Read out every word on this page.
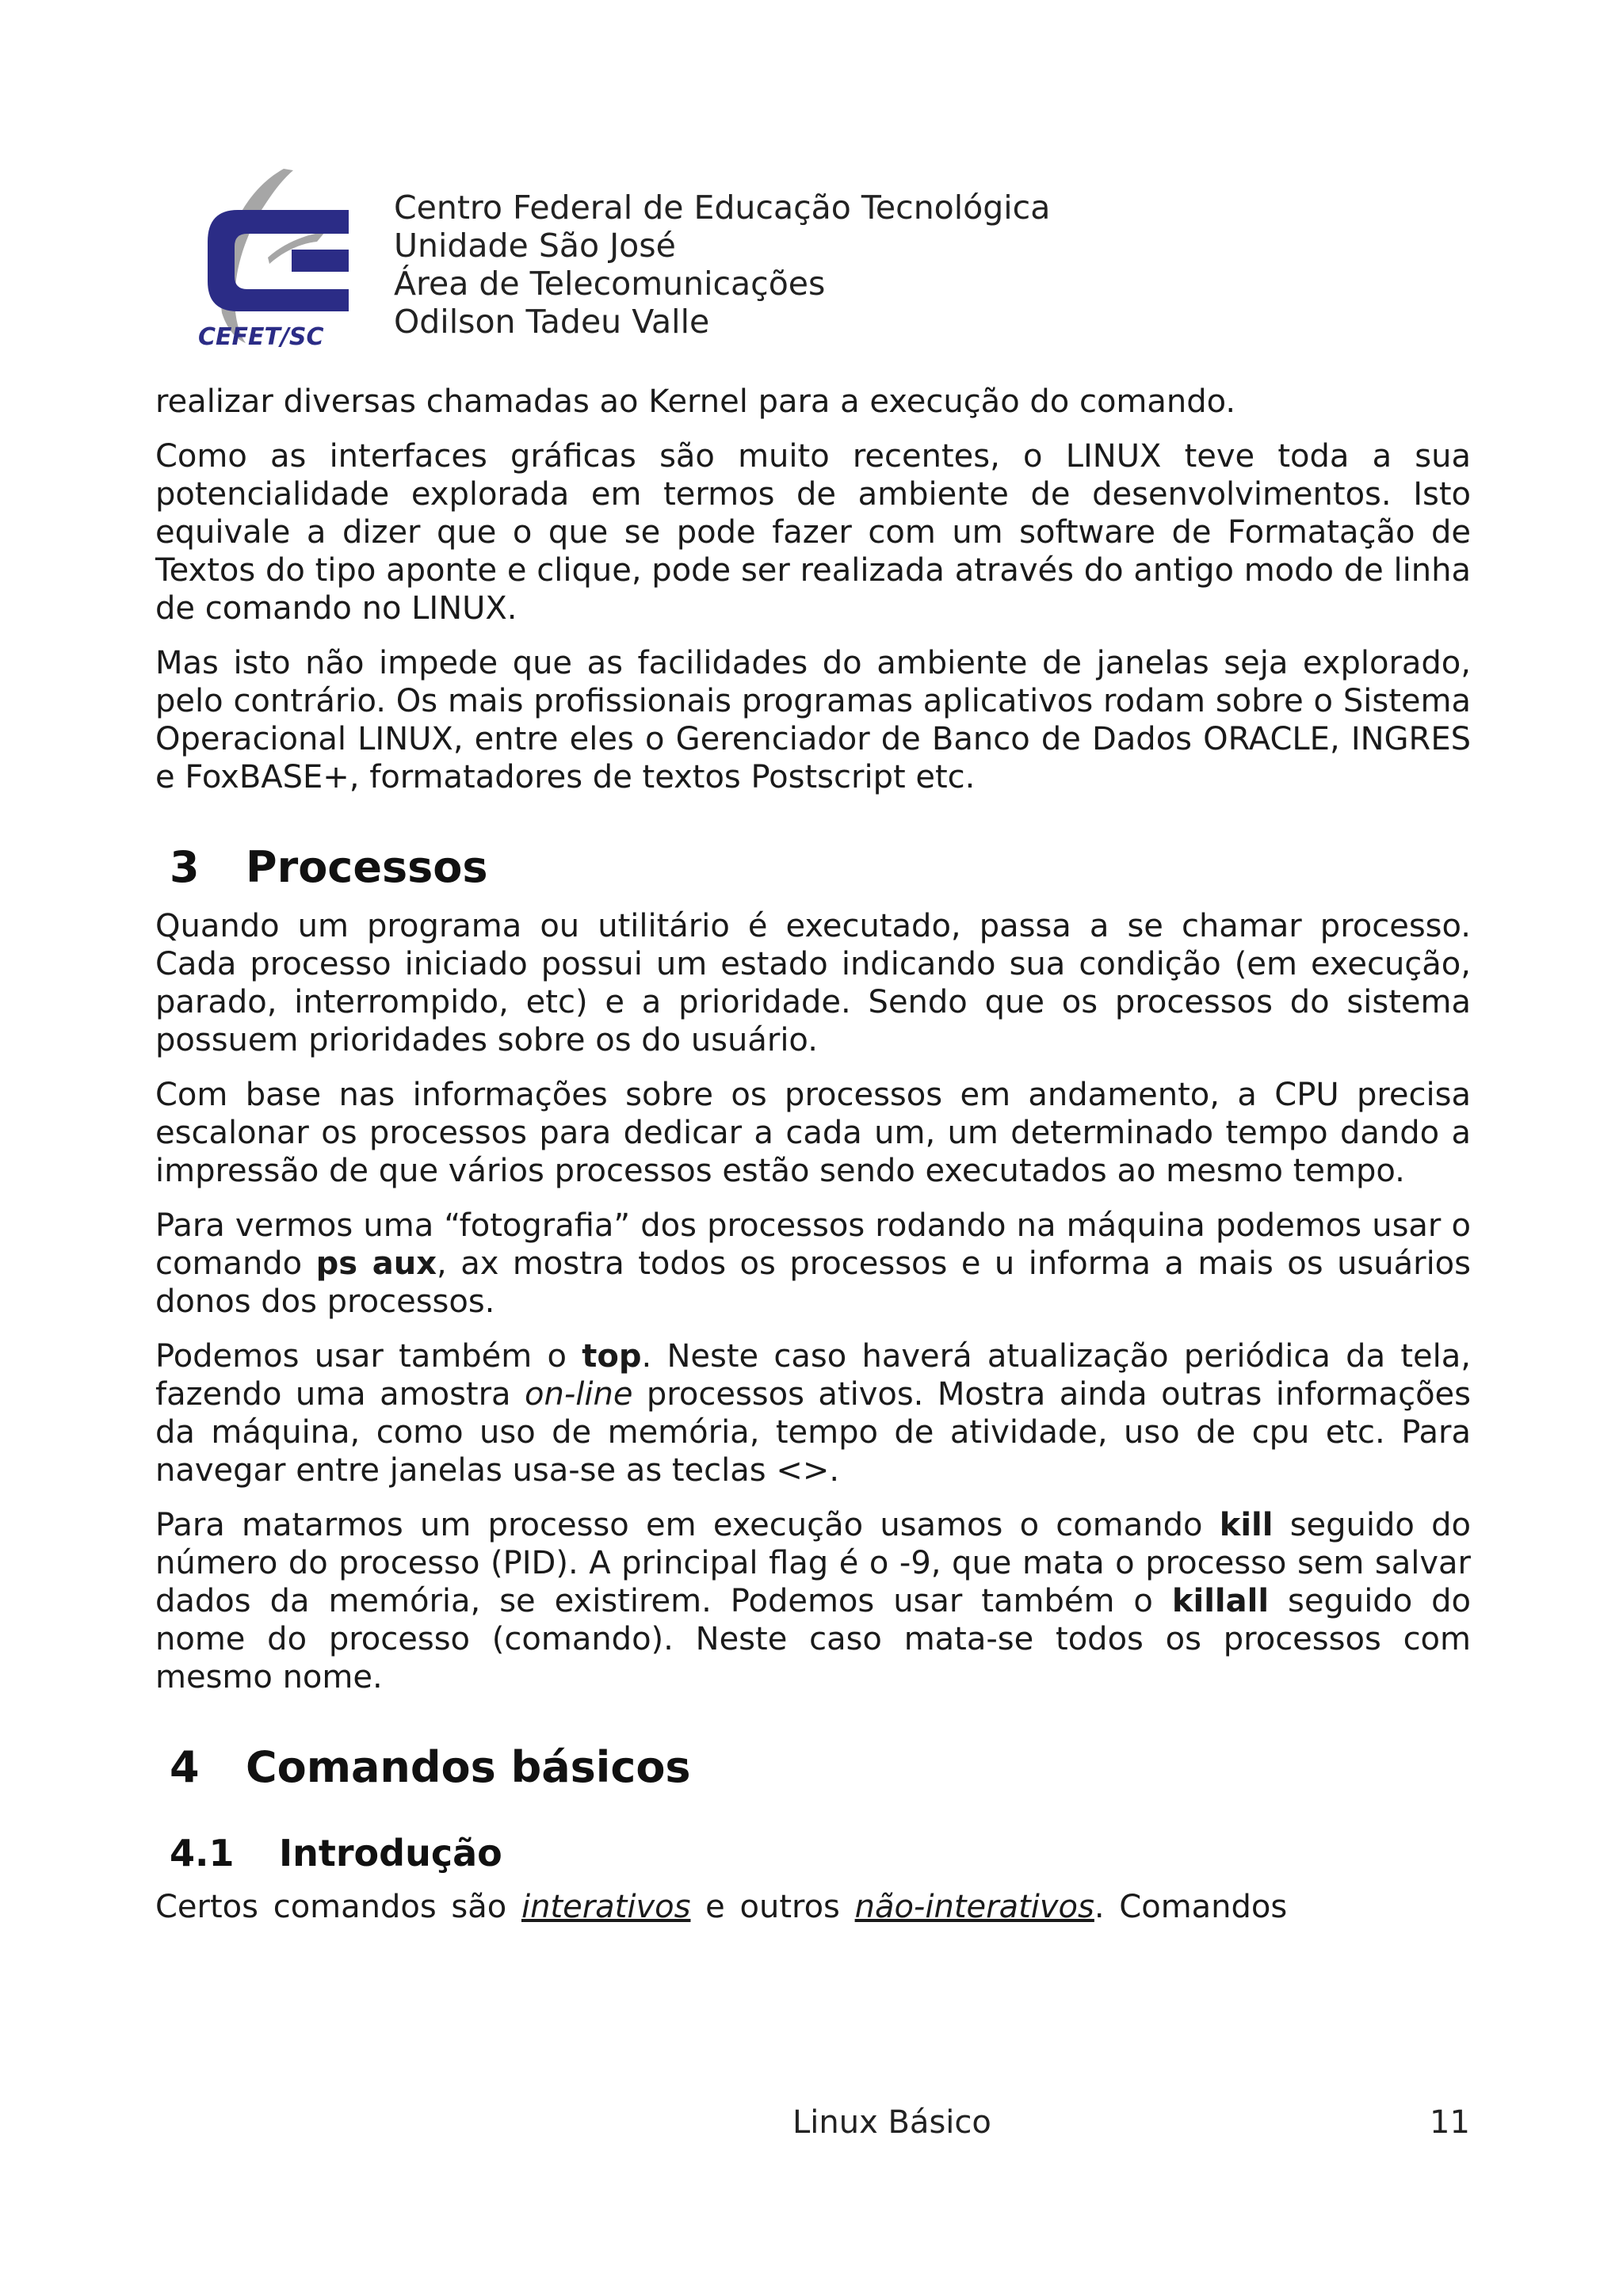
CEFET/SC
Centro Federal de Educação Tecnológica
Unidade São José
Área de Telecomunicações
Odilson Tadeu Valle

realizar diversas chamadas ao Kernel para a execução do comando.

Como as interfaces gráficas são muito recentes, o LINUX teve toda a sua potencialidade explorada em termos de ambiente de desenvolvimentos. Isto equivale a dizer que o que se pode fazer com um software de Formatação de Textos do tipo aponte e clique, pode ser realizada através do antigo modo de linha de comando no LINUX.

Mas isto não impede que as facilidades do ambiente de janelas seja explorado, pelo contrário. Os mais profissionais programas aplicativos rodam sobre o Sistema Operacional LINUX, entre eles o Gerenciador de Banco de Dados ORACLE, INGRES e FoxBASE+, formatadores de textos Postscript etc.

3 Processos

Quando um programa ou utilitário é executado, passa a se chamar processo. Cada processo iniciado possui um estado indicando sua condição (em execução, parado, interrompido, etc) e a prioridade. Sendo que os processos do sistema possuem prioridades sobre os do usuário.

Com base nas informações sobre os processos em andamento, a CPU precisa escalonar os processos para dedicar a cada um, um determinado tempo dando a impressão de que vários processos estão sendo executados ao mesmo tempo.

Para vermos uma “fotografia” dos processos rodando na máquina podemos usar o comando ps aux, ax mostra todos os processos e u informa a mais os usuários donos dos processos.

Podemos usar também o top. Neste caso haverá atualização periódica da tela, fazendo uma amostra on-line processos ativos. Mostra ainda outras informações da máquina, como uso de memória, tempo de atividade, uso de cpu etc. Para navegar entre janelas usa-se as teclas <>.

Para matarmos um processo em execução usamos o comando kill seguido do número do processo (PID). A principal flag é o -9, que mata o processo sem salvar dados da memória, se existirem. Podemos usar também o killall seguido do nome do processo (comando). Neste caso mata-se todos os processos com mesmo nome.

4 Comandos básicos
4.1 Introdução

Certos comandos são interativos e outros não-interativos. Comandos

Linux Básico	11
